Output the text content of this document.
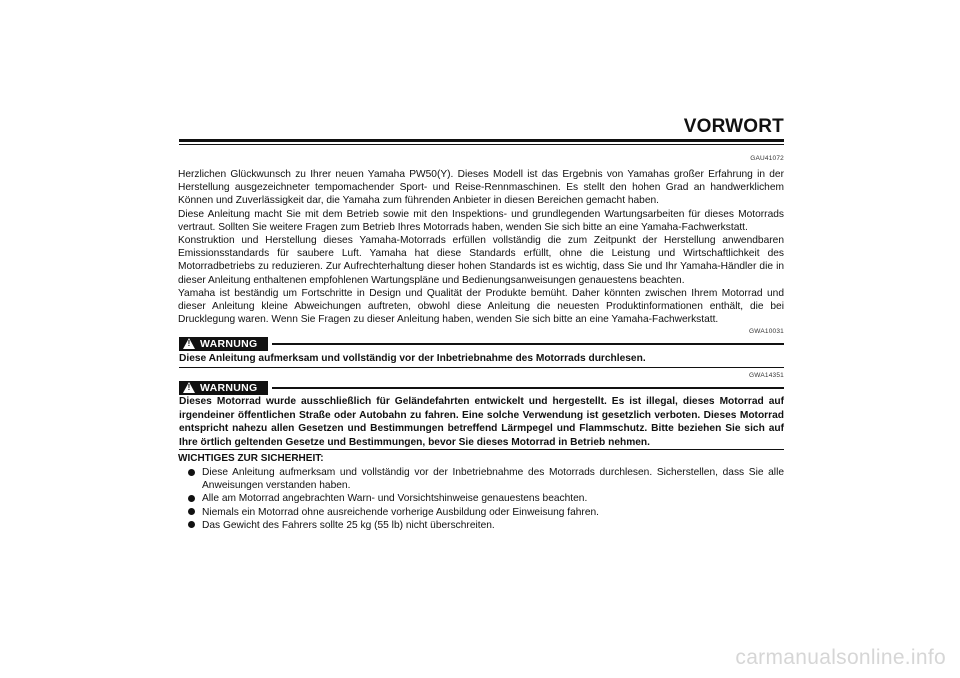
VORWORT
GAU41072

Herzlichen Glückwunsch zu Ihrer neuen Yamaha PW50(Y). Dieses Modell ist das Ergebnis von Yamahas großer Erfahrung in der Herstellung ausgezeichneter tempomachender Sport- und Reise-Rennmaschinen. Es stellt den hohen Grad an handwerklichem Können und Zuverlässigkeit dar, die Yamaha zum führenden Anbieter in diesen Bereichen gemacht haben.

Diese Anleitung macht Sie mit dem Betrieb sowie mit den Inspektions- und grundlegenden Wartungsarbeiten für dieses Motorrads vertraut. Sollten Sie weitere Fragen zum Betrieb Ihres Motorrads haben, wenden Sie sich bitte an eine Yamaha-Fachwerkstatt.

Konstruktion und Herstellung dieses Yamaha-Motorrads erfüllen vollständig die zum Zeitpunkt der Herstellung anwendbaren Emissionsstandards für saubere Luft. Yamaha hat diese Standards erfüllt, ohne die Leistung und Wirtschaftlichkeit des Motorradbetriebs zu reduzieren. Zur Aufrechterhaltung dieser hohen Standards ist es wichtig, dass Sie und Ihr Yamaha-Händler die in dieser Anleitung enthaltenen empfohlenen Wartungspläne und Bedienungsanweisungen genauestens beachten.

Yamaha ist beständig um Fortschritte in Design und Qualität der Produkte bemüht. Daher könnten zwischen Ihrem Motorrad und dieser Anleitung kleine Abweichungen auftreten, obwohl diese Anleitung die neuesten Produktinformationen enthält, die bei Drucklegung waren. Wenn Sie Fragen zu dieser Anleitung haben, wenden Sie sich bitte an eine Yamaha-Fachwerkstatt.

GWA10031
! WARNUNG

Diese Anleitung aufmerksam und vollständig vor der Inbetriebnahme des Motorrads durchlesen.

GWA14351
! WARNUNG

Dieses Motorrad wurde ausschließlich für Geländefahrten entwickelt und hergestellt. Es ist illegal, dieses Motorrad auf irgendeiner öffentlichen Straße oder Autobahn zu fahren. Eine solche Verwendung ist gesetzlich verboten. Dieses Motorrad entspricht nahezu allen Gesetzen und Bestimmungen betreffend Lärmpegel und Flammschutz. Bitte beziehen Sie sich auf Ihre örtlich geltenden Gesetze und Bestimmungen, bevor Sie dieses Motorrad in Betrieb nehmen.

WICHTIGES ZUR SICHERHEIT:

Diese Anleitung aufmerksam und vollständig vor der Inbetriebnahme des Motorrads durchlesen. Sicherstellen, dass Sie alle Anweisungen verstanden haben.
Alle am Motorrad angebrachten Warn- und Vorsichtshinweise genauestens beachten.
Niemals ein Motorrad ohne ausreichende vorherige Ausbildung oder Einweisung fahren.
Das Gewicht des Fahrers sollte 25 kg (55 lb) nicht überschreiten.
carmanualsonline.info
